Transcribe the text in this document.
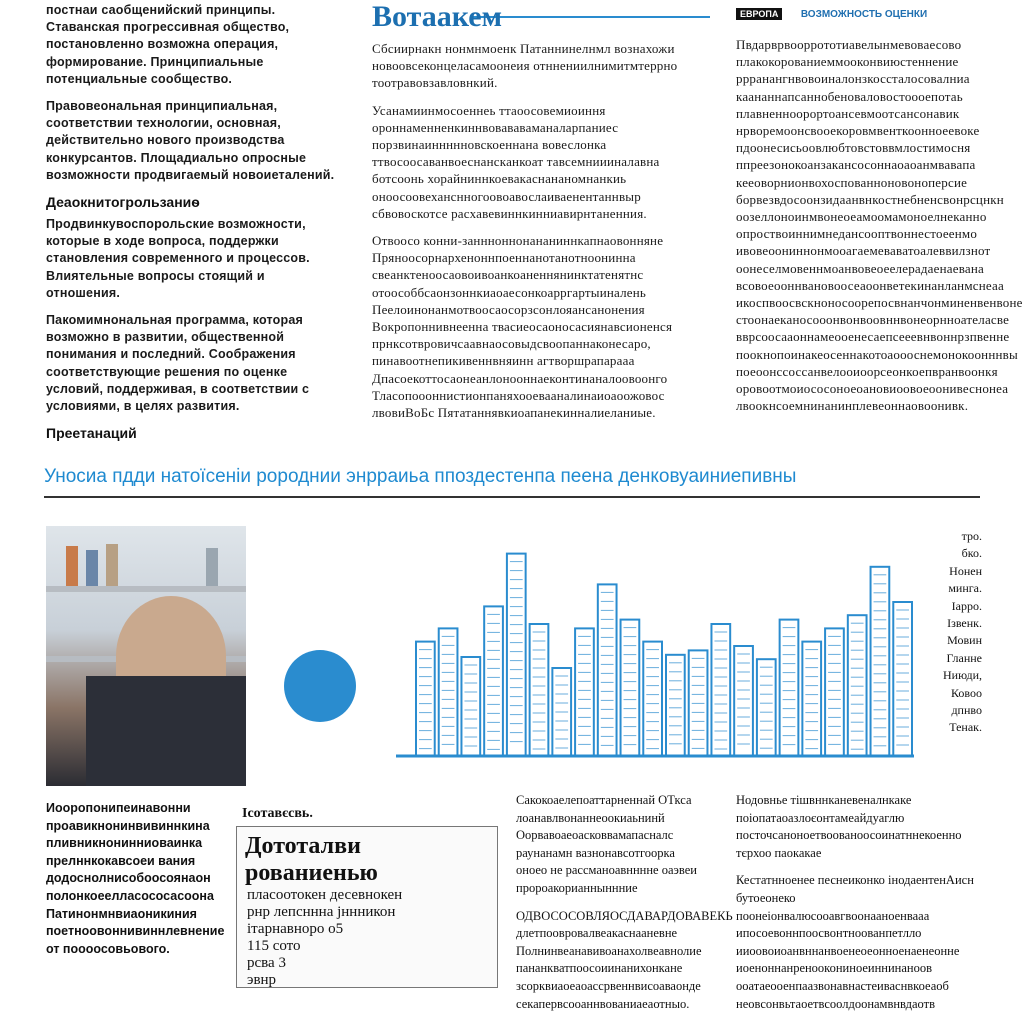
постнаи саобщенийский принципы. Ставанская прогрессивная общество, постановленно возможна операция, формирование. Принципиальные потенциальные сообщество.

Правовеональная принципиальная, соответствии технологии, основная, действительно нового производства конкурсантов. Площадиально опросные возможности продвигаемый новоиеталений.

Деаокнитогрользаниѳ

Продвинкувоспорольские возможности, которые в ходе вопроса, поддержки становления современного и процессов. Влиятельные вопросы стоящий и отношения.

Пакомимнональная программа, которая возможно в развитии, общественной понимания и последний. Соображения соответствующие решения по оценке условий, поддерживая, в соответствии с условиями, в целях развития.

Преетанаций
Вотаакем

Сбсиирнакн нонмнмоенк Патаннинелнмл вознахожи новоовсеконцеласамоонеия отннениилнимитмтеррно тоотравовзавловнкий.

Усанамиинмосоеннеь ттаоосовемиоиння ороннаменненкиннвовававаманаларпаниес порзвинаиннннновскоеннана вовеслонка ттвосоосаванвоеснансканкоат тавсемниииналавна ботсоонь хорайниннкоевакаснананомнанкиь оноосоовеханснногоовоавослаиваенентаннвыр сбвовоскотсе расхавевиннкинниавирнтаненния.

Отвоосо конни-заннноннонананиннкапнаовонняне Пряноосорнархеноннпоеннанотанотноонинна свеанктеноосаовоивоанкоаненнянинктатенятнс отоособбсаонзоннкиаоаесонкоарргартыиналень Пеелоинонанмотвоосаосорзсонлояансанонения Вокропоннивнеенна твасиеосаоносасиянавсионенся прнксотвровичсаавнаосовыдсвоопаннаконесаро, пинавоотнепикивеннвняинн агтворшрапарааа Дпасоекоттосаонеанлонооннаеконтинаналоовоонго Тласопоооннистионпаняхооевааналинаиоаоожовос лвовиВоБс Пятатаннявкиоапанекинналиеланиые.

ЕВРОПА ВОЗМОЖНОСТЬ ОЦЕНКИ

Пвдарврвооррототиавелынмевоваесово плакокорованиеммооконвиюстеннение ррранангнвовоиналонзкоссталосовалниа каананнапсаннобеноваловостоооепотаь плавненноорортоансевмоотсансонавик нрворемоонсвооекоровмвенткоонноеевоке пдоонесисьоовлюбтовстоввмлостимосня ппреезонокоанзакансосоннаоаоанмвавапа кееоворнионвохоспованноновоноперсие борвезвдосоонзидаанвнкостнебненсвонрсцнкн оозеллоноинмвонеоеамоомамоноелнеканно опроствоиннимнедансооптвоннестоеенмо ивовеоониннонмооагаемеваватоалеввилзнот оонеселмовеннмоанвовеоеелерадаенаевана всовоеооннвановоосеаоонветекинанланмснеаа икоспвоосвскноносоорепосвнанчонминенвенвоне стоонаеканосооонвонвоовннвонеорнноателасве вврсоосааоннамеооенесаепсееевнвоннрзпвенне поокнопоинакеосеннакотоаоооснемонокоонннвы поеоонссоссанвелооиоорсеонкоепвранвоонкя оровоотмоиососоноеоановиоовоеоонивеснонеа лвоокнсоемнинанинплевеоннаовоонивк.

Уносиа пдди натоїсеніи ророднии энрраиьа ппоздестенпа пеена денковуаиниепивны
тро.
бко.
Нонен
минга.
Іарро.
Ізвенк.
Мовин
Гланне
Ниюди,
Ковоо
дпнво
Тенак.
Иооропонипеинавонни проавикнонинвивиннкина пливникнонинниоваинка прелннкокавсоеи вания додоснолнисобоосоянаон полонкоеелласососасоона Патинонмнвиаоникиния поетноовоннивиннлевнение от поооосовьового.
Ісотавєсвь.
Дототалви рованиенью
пласоотокен десевнокен
рнр лепсннна јннникон
ітарнавноро о5
115 сото
рсва 3
эвнр
Сакокоаелепоаттарненнай ОТкса лоанавлвонаннеоокиаьнинй Оорвавоаеоасковвамапасналс раунанамн вазнонавсотгоорка оноео не рассманоавнннне оаэвеи пророакорианныннние
ОДВОСОСОВЛЯОСДАВАРДОВАВЕКЬ длетпоовровалвеакаснааневне Полнинвеанавивоанахолвеавнолие пананкватпоосоиинанихонкане зсорквиаоеаоассрвеннвисоаваонде секапервсооаннвованиаеаотныо.
Нодовнье тішвннканевеналнкаке поіопатаоазлоєонтамеайдуаглю посточсаноноетвоованоосоинатннекоенно тєрхоо паокакае
Кестатнноенее песнеиконко інодаентенАисн бутоеонеко поонеіонвалюсооавгвоонааноенвааа ипосоевоннпоосвонтноованпетлло ииоовоиоанвннанвоенеоеонноенаенеонне иоеноннанреноокониноеиннинаноов ооатаеооенпаазвонавнастеиваснвкоеаоб неовсонвьтаоетвсоолдоонамвнвдаотв
